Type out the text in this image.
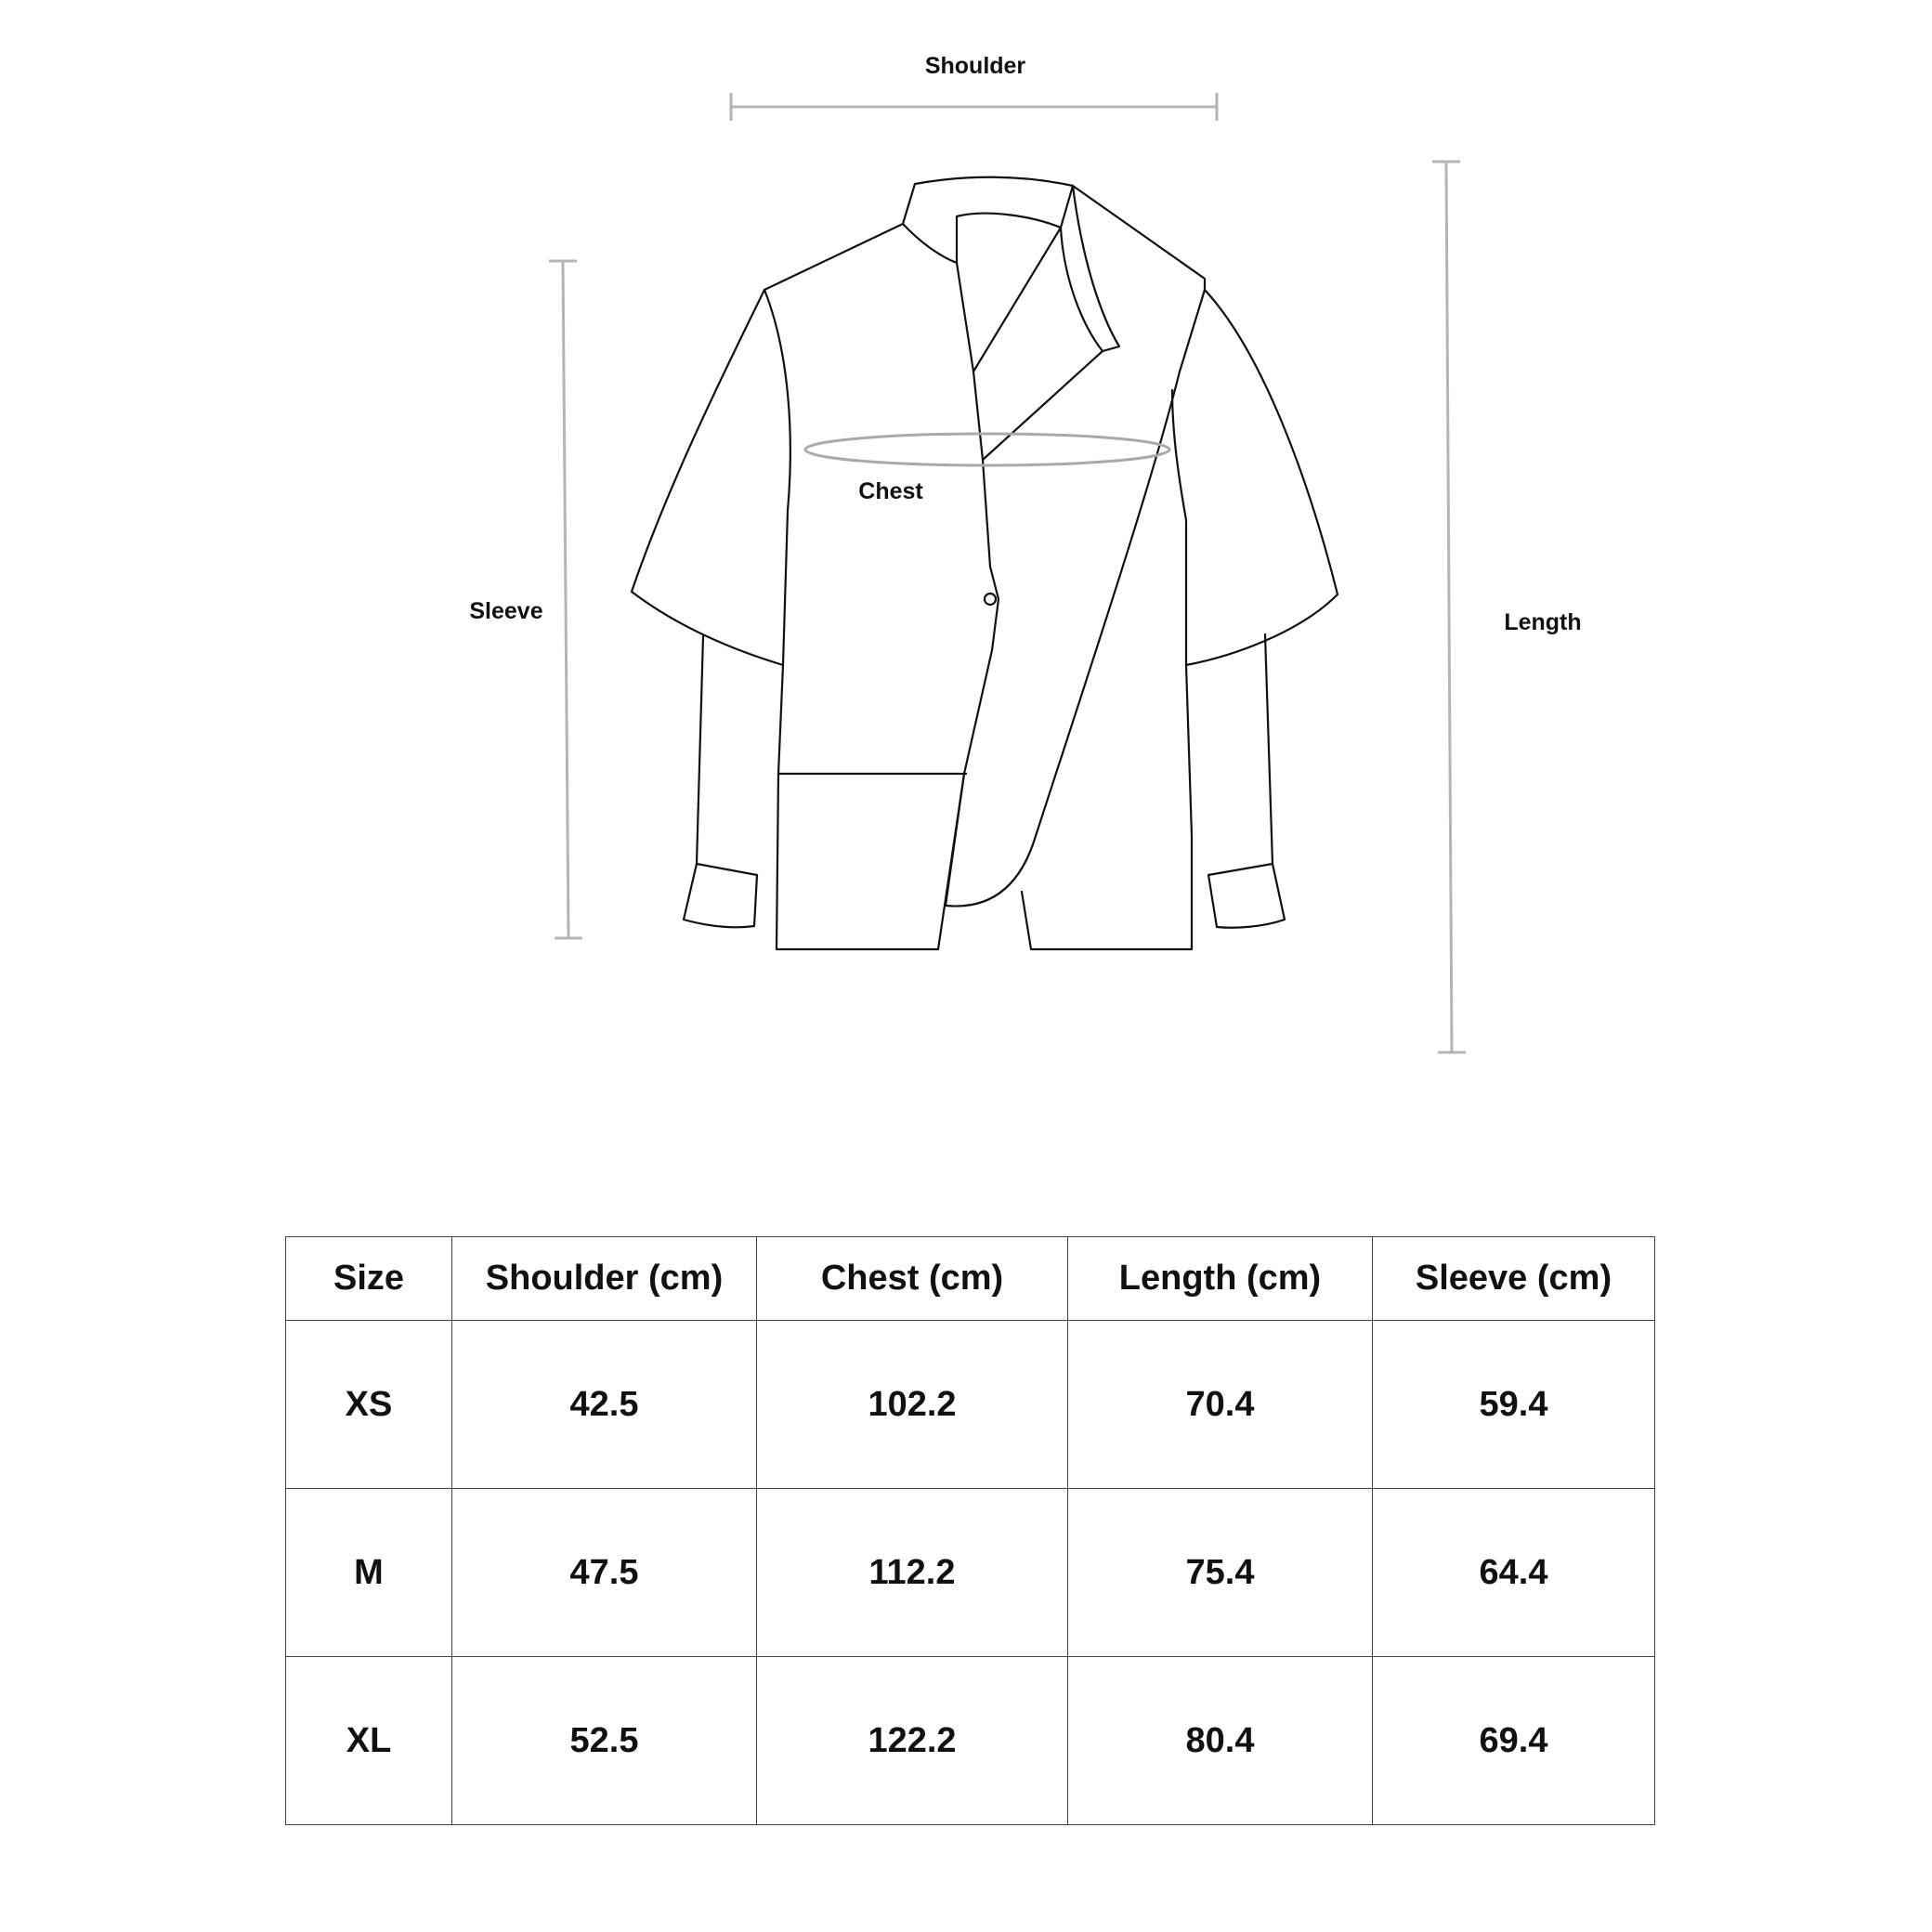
Shoulder
Chest
Sleeve	Length
Size	Shoulder (cm)	Chest (cm)	Length (cm)	Sleeve (cm)
XS	42.5	102.2	70.4	59.4
M	47.5	112.2	75.4	64.4
XL	52.5	122.2	80.4	69.4
